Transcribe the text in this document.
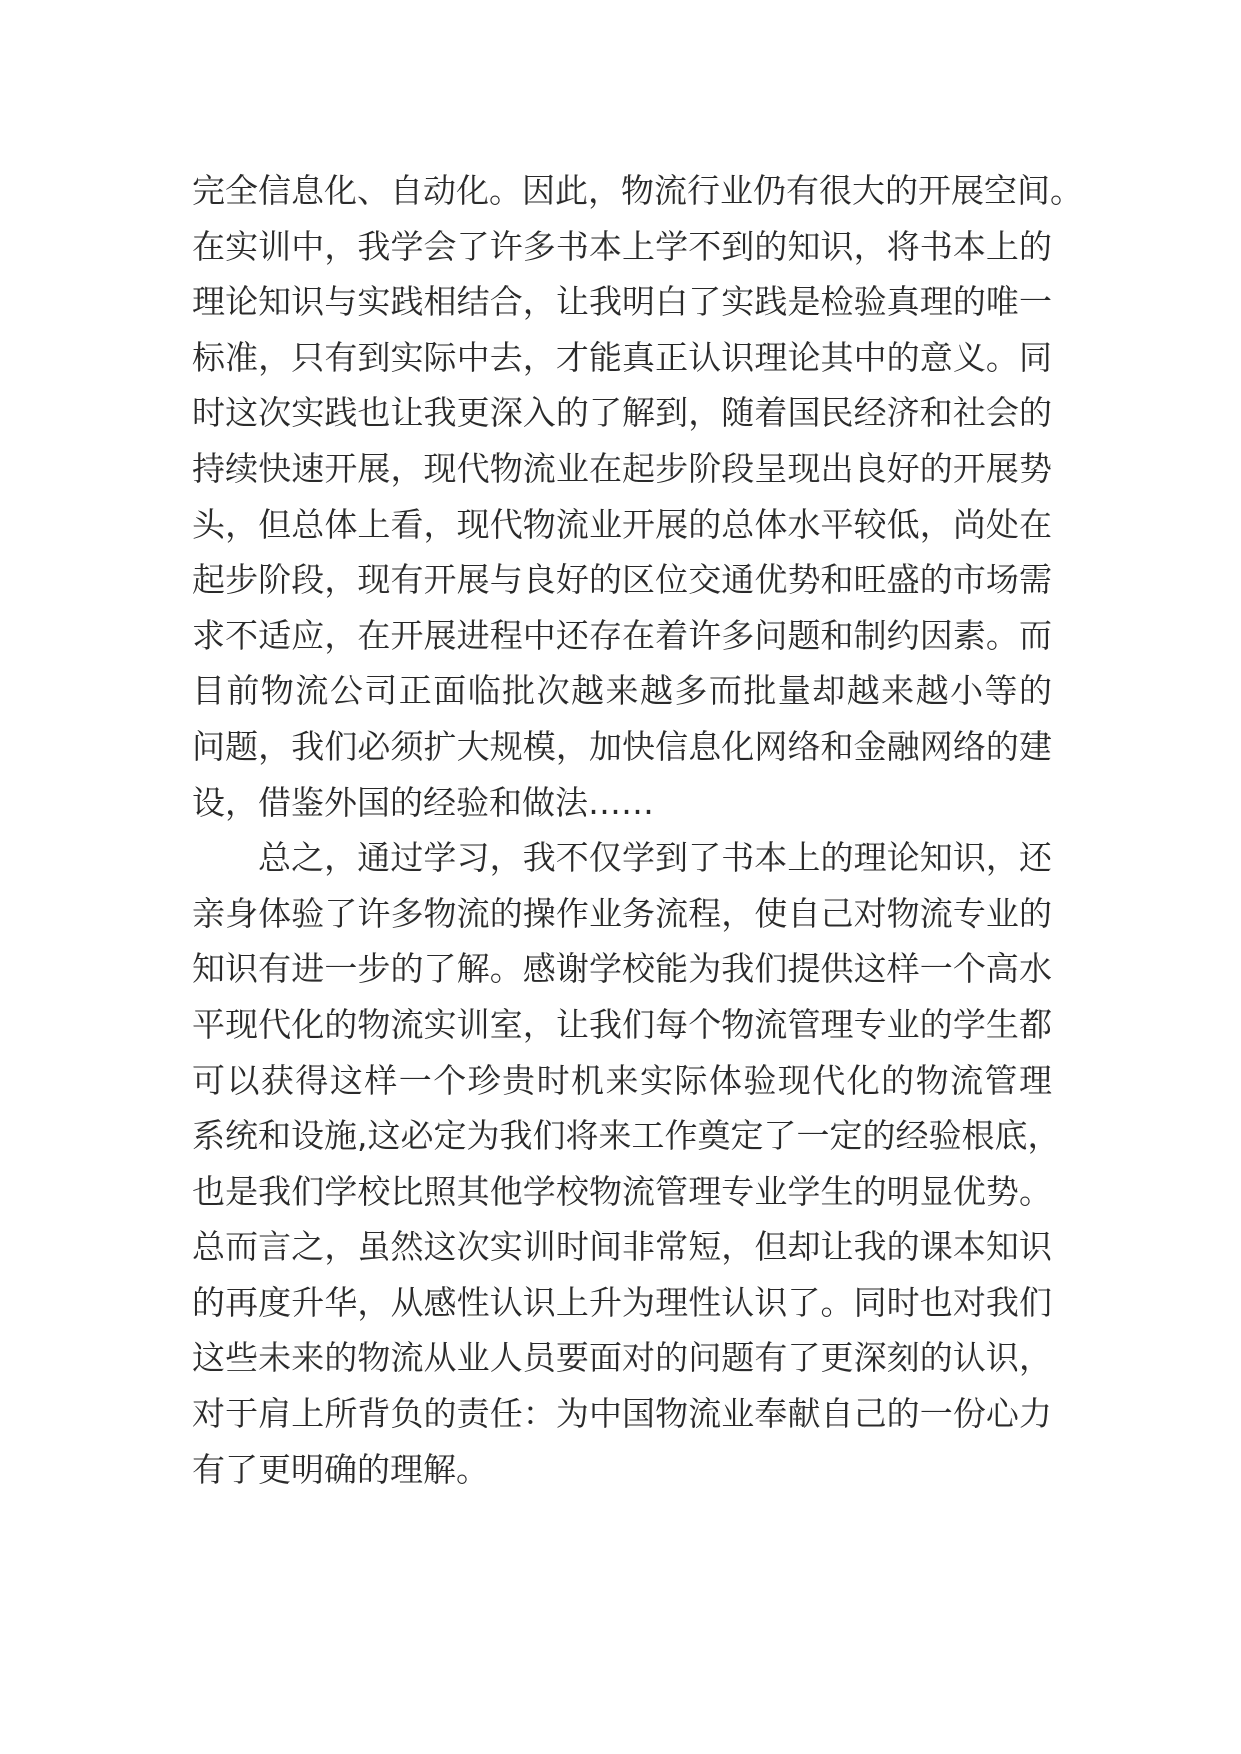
完全信息化、自动化。因此，物流行业仍有很大的开展空间。
在实训中，我学会了许多书本上学不到的知识，将书本上的
理论知识与实践相结合，让我明白了实践是检验真理的唯一
标准，只有到实际中去，才能真正认识理论其中的意义。同
时这次实践也让我更深入的了解到，随着国民经济和社会的
持续快速开展，现代物流业在起步阶段呈现出良好的开展势
头，但总体上看，现代物流业开展的总体水平较低，尚处在
起步阶段，现有开展与良好的区位交通优势和旺盛的市场需
求不适应，在开展进程中还存在着许多问题和制约因素。而
目前物流公司正面临批次越来越多而批量却越来越小等的
问题，我们必须扩大规模，加快信息化网络和金融网络的建
设，借鉴外国的经验和做法……
总之，通过学习，我不仅学到了书本上的理论知识，还
亲身体验了许多物流的操作业务流程，使自己对物流专业的
知识有进一步的了解。感谢学校能为我们提供这样一个高水
平现代化的物流实训室，让我们每个物流管理专业的学生都
可以获得这样一个珍贵时机来实际体验现代化的物流管理
系统和设施,这必定为我们将来工作奠定了一定的经验根底，
也是我们学校比照其他学校物流管理专业学生的明显优势。
总而言之，虽然这次实训时间非常短，但却让我的课本知识
的再度升华，从感性认识上升为理性认识了。同时也对我们
这些未来的物流从业人员要面对的问题有了更深刻的认识，
对于肩上所背负的责任：为中国物流业奉献自己的一份心力
有了更明确的理解。
